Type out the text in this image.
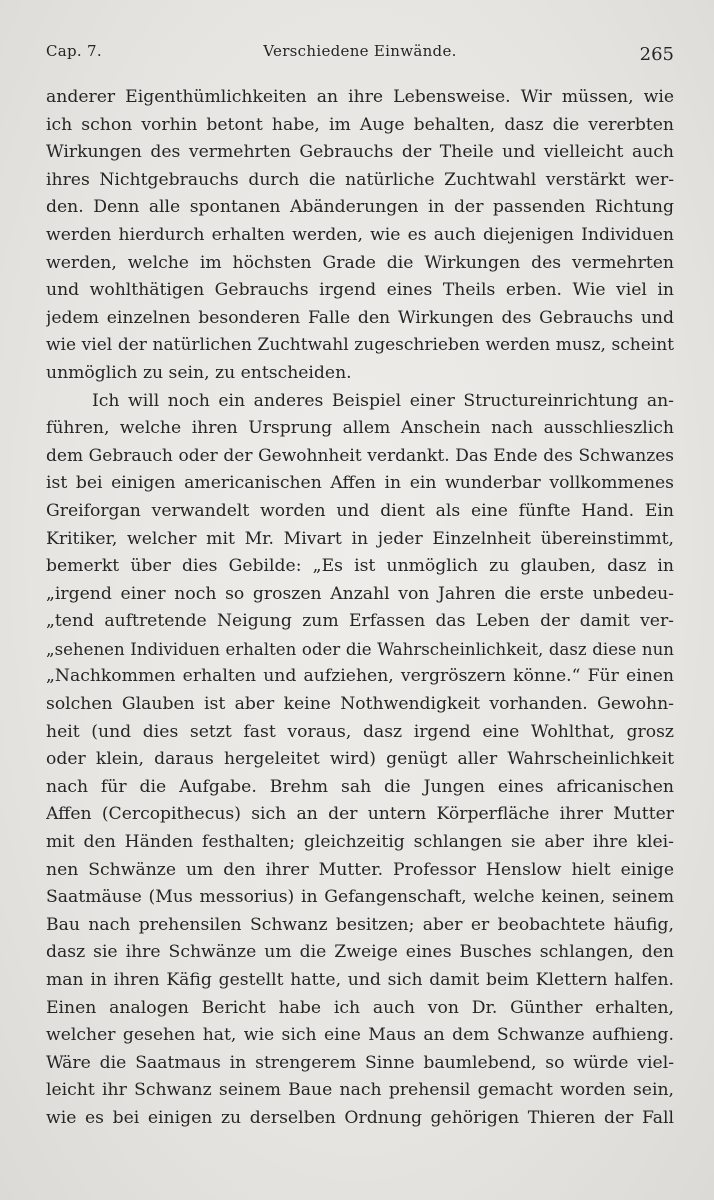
Cap. 7.	Verschiedene Einwände.	265
anderer Eigenthümlichkeiten an ihre Lebensweise. Wir müssen, wie
ich schon vorhin betont habe, im Auge behalten, dasz die vererbten
Wirkungen des vermehrten Gebrauchs der Theile und vielleicht auch
ihres Nichtgebrauchs durch die natürliche Zuchtwahl verstärkt wer-
den. Denn alle spontanen Abänderungen in der passenden Richtung
werden hierdurch erhalten werden, wie es auch diejenigen Individuen
werden, welche im höchsten Grade die Wirkungen des vermehrten
und wohlthätigen Gebrauchs irgend eines Theils erben. Wie viel in
jedem einzelnen besonderen Falle den Wirkungen des Gebrauchs und
wie viel der natürlichen Zuchtwahl zugeschrieben werden musz, scheint
unmöglich zu sein, zu entscheiden.
Ich will noch ein anderes Beispiel einer Structureinrichtung an-
führen, welche ihren Ursprung allem Anschein nach ausschlieszlich
dem Gebrauch oder der Gewohnheit verdankt. Das Ende des Schwanzes
ist bei einigen americanischen Affen in ein wunderbar vollkommenes
Greiforgan verwandelt worden und dient als eine fünfte Hand. Ein
Kritiker, welcher mit Mr. Mivart in jeder Einzelnheit übereinstimmt,
bemerkt über dies Gebilde: „Es ist unmöglich zu glauben, dasz in
„irgend einer noch so groszen Anzahl von Jahren die erste unbedeu-
„tend auftretende Neigung zum Erfassen das Leben der damit ver-
„sehenen Individuen erhalten oder die Wahrscheinlichkeit, dasz diese nun
„Nachkommen erhalten und aufziehen, vergröszern könne.“ Für einen
solchen Glauben ist aber keine Nothwendigkeit vorhanden. Gewohn-
heit (und dies setzt fast voraus, dasz irgend eine Wohlthat, grosz
oder klein, daraus hergeleitet wird) genügt aller Wahrscheinlichkeit
nach für die Aufgabe. Brehm sah die Jungen eines africanischen
Affen (Cercopithecus) sich an der untern Körperfläche ihrer Mutter
mit den Händen festhalten; gleichzeitig schlangen sie aber ihre klei-
nen Schwänze um den ihrer Mutter. Professor Henslow hielt einige
Saatmäuse (Mus messorius) in Gefangenschaft, welche keinen, seinem
Bau nach prehensilen Schwanz besitzen; aber er beobachtete häufig,
dasz sie ihre Schwänze um die Zweige eines Busches schlangen, den
man in ihren Käfig gestellt hatte, und sich damit beim Klettern halfen.
Einen analogen Bericht habe ich auch von Dr. Günther erhalten,
welcher gesehen hat, wie sich eine Maus an dem Schwanze aufhieng.
Wäre die Saatmaus in strengerem Sinne baumlebend, so würde viel-
leicht ihr Schwanz seinem Baue nach prehensil gemacht worden sein,
wie es bei einigen zu derselben Ordnung gehörigen Thieren der Fall
